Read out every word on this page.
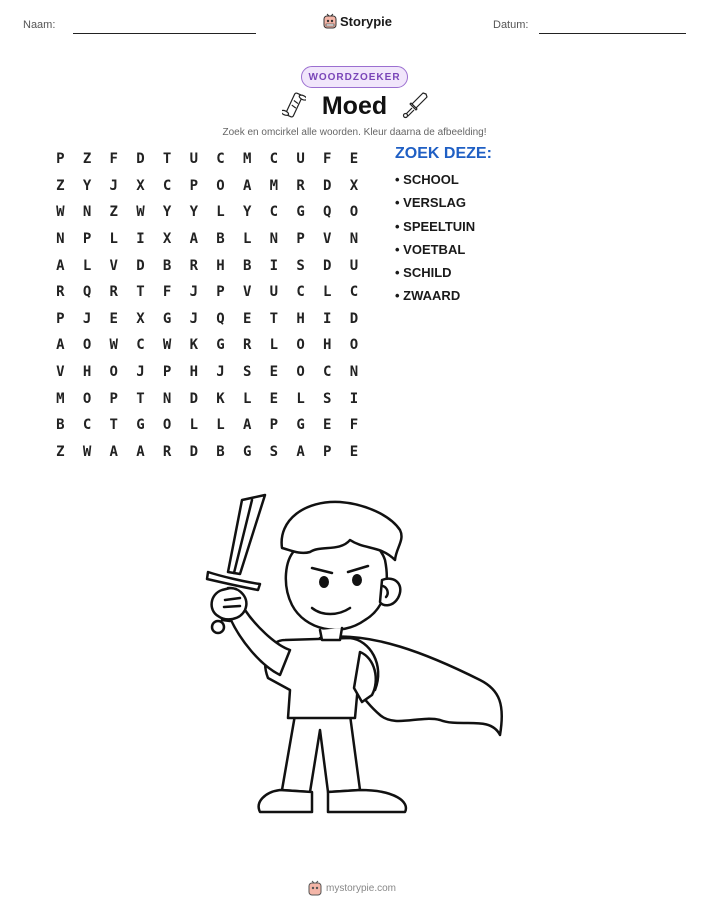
Naam:	Storypie	Datum:
WOORDZOEKER
Moed
Zoek en omcirkel alle woorden. Kleur daarna de afbeelding!
P	Z	F	D	T	U	C	M	C	U	F	E
Z	Y	J	X	C	P	O	A	M	R	D	X
W	N	Z	W	Y	Y	L	Y	C	G	Q	O
N	P	L	I	X	A	B	L	N	P	V	N
A	L	V	D	B	R	H	B	I	S	D	U
R	Q	R	T	F	J	P	V	U	C	L	C
P	J	E	X	G	J	Q	E	T	H	I	D
A	O	W	C	W	K	G	R	L	O	H	O
V	H	O	J	P	H	J	S	E	O	C	N
M	O	P	T	N	D	K	L	E	L	S	I
B	C	T	G	O	L	L	A	P	G	E	F
Z	W	A	A	R	D	B	G	S	A	P	E
ZOEK DEZE:
• SCHOOL
• VERSLAG
• SPEELTUIN
• VOETBAL
• SCHILD
• ZWAARD
mystorypie.com
